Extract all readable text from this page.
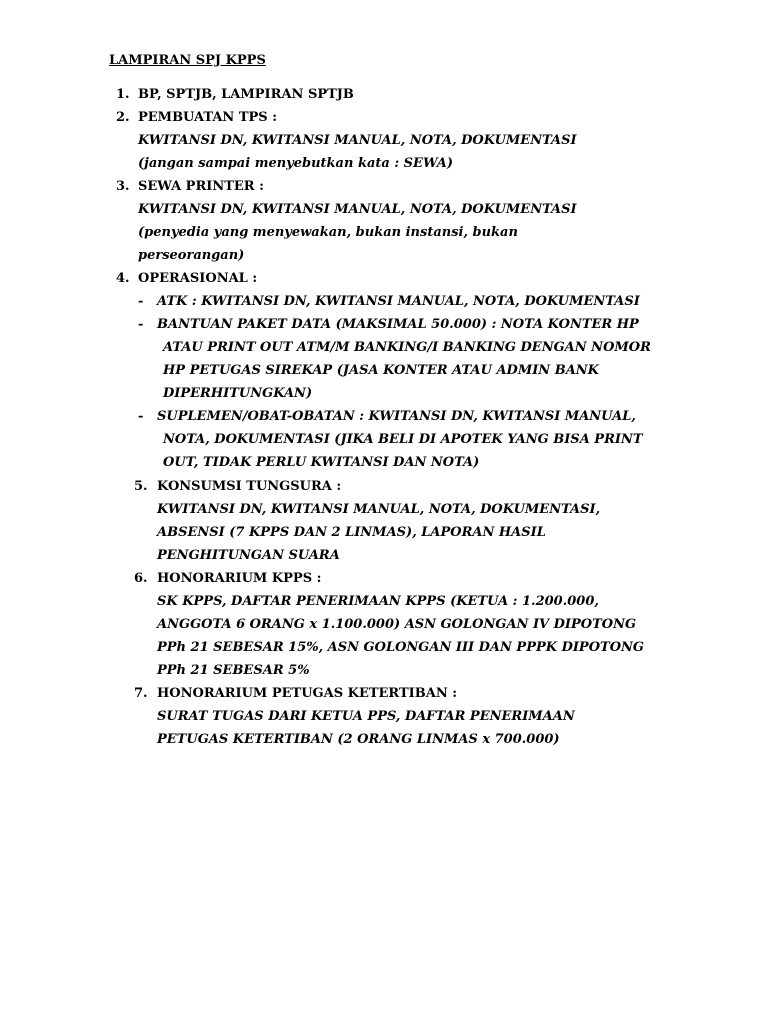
LAMPIRAN SPJ KPPS
1. BP, SPTJB, LAMPIRAN SPTJB
2. PEMBUATAN TPS :
KWITANSI DN, KWITANSI MANUAL, NOTA, DOKUMENTASI
(jangan sampai menyebutkan kata : SEWA)
3. SEWA PRINTER :
KWITANSI DN, KWITANSI MANUAL, NOTA, DOKUMENTASI
(penyedia yang menyewakan, bukan instansi, bukan
perseorangan)
4. OPERASIONAL :
- ATK : KWITANSI DN, KWITANSI MANUAL, NOTA, DOKUMENTASI
- BANTUAN PAKET DATA (MAKSIMAL 50.000) : NOTA KONTER HP
ATAU PRINT OUT ATM/M BANKING/I BANKING DENGAN NOMOR
HP PETUGAS SIREKAP (JASA KONTER ATAU ADMIN BANK
DIPERHITUNGKAN)
- SUPLEMEN/OBAT-OBATAN : KWITANSI DN, KWITANSI MANUAL,
NOTA, DOKUMENTASI (JIKA BELI DI APOTEK YANG BISA PRINT
OUT, TIDAK PERLU KWITANSI DAN NOTA)
5. KONSUMSI TUNGSURA :
KWITANSI DN, KWITANSI MANUAL, NOTA, DOKUMENTASI,
ABSENSI (7 KPPS DAN 2 LINMAS), LAPORAN HASIL
PENGHITUNGAN SUARA
6. HONORARIUM KPPS :
SK KPPS, DAFTAR PENERIMAAN KPPS (KETUA : 1.200.000,
ANGGOTA 6 ORANG x 1.100.000) ASN GOLONGAN IV DIPOTONG
PPh 21 SEBESAR 15%, ASN GOLONGAN III DAN PPPK DIPOTONG
PPh 21 SEBESAR 5%
7. HONORARIUM PETUGAS KETERTIBAN :
SURAT TUGAS DARI KETUA PPS, DAFTAR PENERIMAAN
PETUGAS KETERTIBAN (2 ORANG LINMAS x 700.000)
